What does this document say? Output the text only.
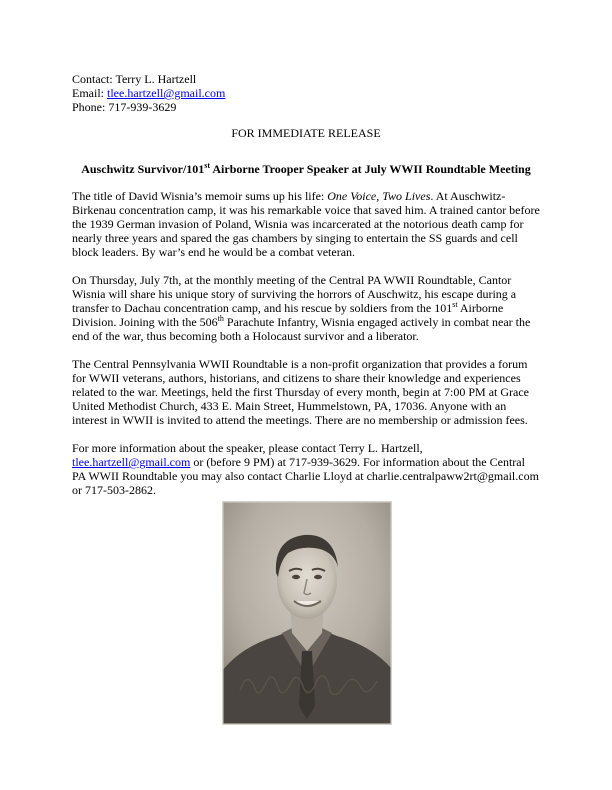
Contact: Terry L. Hartzell
Email: tlee.hartzell@gmail.com
Phone: 717-939-3629
FOR IMMEDIATE RELEASE
Auschwitz Survivor/101st Airborne Trooper Speaker at July WWII Roundtable Meeting

The title of David Wisnia’s memoir sums up his life: One Voice, Two Lives. At Auschwitz-Birkenau concentration camp, it was his remarkable voice that saved him. A trained cantor before the 1939 German invasion of Poland, Wisnia was incarcerated at the notorious death camp for nearly three years and spared the gas chambers by singing to entertain the SS guards and cell block leaders. By war’s end he would be a combat veteran.

On Thursday, July 7th, at the monthly meeting of the Central PA WWII Roundtable, Cantor Wisnia will share his unique story of surviving the horrors of Auschwitz, his escape during a transfer to Dachau concentration camp, and his rescue by soldiers from the 101st Airborne Division. Joining with the 506th Parachute Infantry, Wisnia engaged actively in combat near the end of the war, thus becoming both a Holocaust survivor and a liberator.

The Central Pennsylvania WWII Roundtable is a non-profit organization that provides a forum for WWII veterans, authors, historians, and citizens to share their knowledge and experiences related to the war. Meetings, held the first Thursday of every month, begin at 7:00 PM at Grace United Methodist Church, 433 E. Main Street, Hummelstown, PA, 17036. Anyone with an interest in WWII is invited to attend the meetings. There are no membership or admission fees.

For more information about the speaker, please contact Terry L. Hartzell, tlee.hartzell@gmail.com or (before 9 PM) at 717-939-3629. For information about the Central PA WWII Roundtable you may also contact Charlie Lloyd at charlie.centralpaww2rt@gmail.com or 717-503-2862.
